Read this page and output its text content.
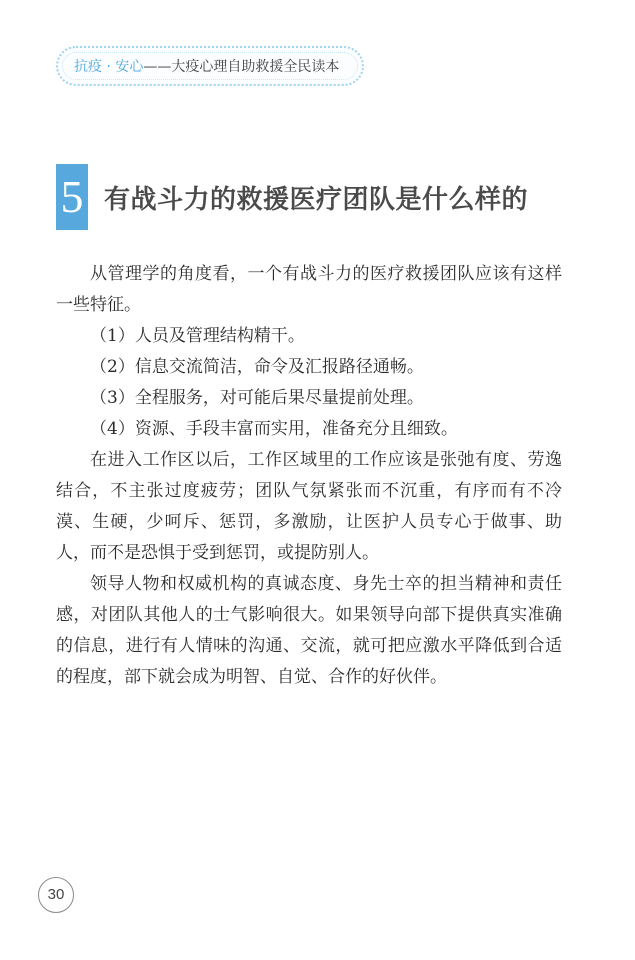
抗疫 · 安心 ——大疫心理自助救援全民读本
5 有战斗力的救援医疗团队是什么样的

从管理学的角度看，一个有战斗力的医疗救援团队应该有这样一些特征。

（1）人员及管理结构精干。

（2）信息交流简洁，命令及汇报路径通畅。

（3）全程服务，对可能后果尽量提前处理。

（4）资源、手段丰富而实用，准备充分且细致。

在进入工作区以后，工作区域里的工作应该是张弛有度、劳逸结合，不主张过度疲劳；团队气氛紧张而不沉重，有序而有不冷漠、生硬，少呵斥、惩罚，多激励，让医护人员专心于做事、助人，而不是恐惧于受到惩罚，或提防别人。

领导人物和权威机构的真诚态度、身先士卒的担当精神和责任感，对团队其他人的士气影响很大。如果领导向部下提供真实准确的信息，进行有人情味的沟通、交流，就可把应激水平降低到合适的程度，部下就会成为明智、自觉、合作的好伙伴。

30
